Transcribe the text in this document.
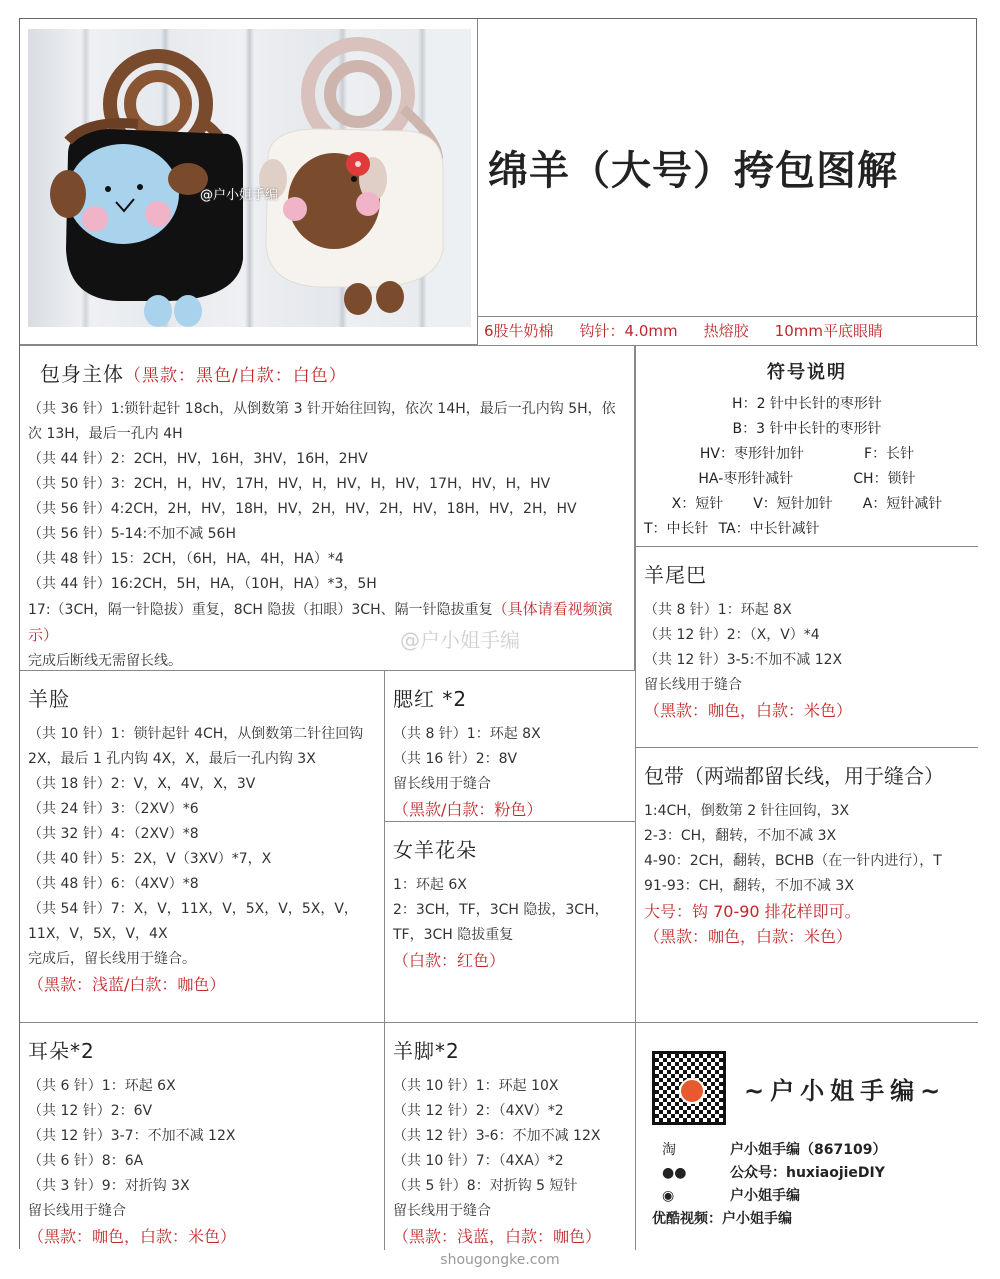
@户小姐手编
绵羊（大号）挎包图解
6股牛奶棉 钩针：4.0mm 热熔胶 10mm平底眼睛
包身主体（黑款：黑色/白款：白色）
（共 36 针）1:锁针起针 18ch，从倒数第 3 针开始往回钩，依次 14H，最后一孔内钩 5H，依次 13H，最后一孔内 4H
（共 44 针）2：2CH，HV，16H，3HV，16H，2HV
（共 50 针）3：2CH，H，HV，17H，HV，H，HV，H，HV，17H，HV，H，HV
（共 56 针）4:2CH，2H，HV，18H，HV，2H，HV，2H，HV，18H，HV，2H，HV
（共 56 针）5-14:不加不减 56H
（共 48 针）15：2CH，（6H，HA，4H，HA）*4
（共 44 针）16:2CH，5H，HA，（10H，HA）*3，5H
17:（3CH，隔一针隐拔）重复，8CH 隐拔（扣眼）3CH、隔一针隐拔重复（具体请看视频演示）
完成后断线无需留长线。
符号说明
H：2 针中长针的枣形针
B：3 针中长针的枣形针
HV：枣形针加针	F：长针
HA-枣形针减针	CH：锁针
X：短针 V：短针加针 A：短针减针
T：中长针 TA：中长针减针
羊尾巴
（共 8 针）1：环起 8X
（共 12 针）2：（X，V）*4
（共 12 针）3-5:不加不减 12X
留长线用于缝合
（黑款：咖色，白款：米色）
羊脸
（共 10 针）1：锁针起针 4CH，从倒数第二针往回钩 2X，最后 1 孔内钩 4X，X，最后一孔内钩 3X
（共 18 针）2：V，X，4V，X，3V
（共 24 针）3：（2XV）*6
（共 32 针）4：（2XV）*8
（共 40 针）5：2X，V（3XV）*7，X
（共 48 针）6：（4XV）*8
（共 54 针）7：X，V，11X，V，5X，V，5X，V，11X，V，5X，V，4X
完成后，留长线用于缝合。
（黑款：浅蓝/白款：咖色）
腮红 *2
（共 8 针）1：环起 8X
（共 16 针）2：8V
留长线用于缝合
（黑款/白款：粉色）
女羊花朵
1：环起 6X
2：3CH，TF，3CH 隐拔，3CH，TF，3CH 隐拔重复
（白款：红色）
包带（两端都留长线，用于缝合）
1:4CH，倒数第 2 针往回钩，3X
2-3：CH，翻转，不加不减 3X
4-90：2CH，翻转，BCHB（在一针内进行），T
91-93：CH，翻转，不加不减 3X
大号：钩 70-90 排花样即可。
（黑款：咖色，白款：米色）
耳朵*2
（共 6 针）1：环起 6X
（共 12 针）2：6V
（共 12 针）3-7：不加不减 12X
（共 6 针）8：6A
（共 3 针）9：对折钩 3X
留长线用于缝合
（黑款：咖色，白款：米色）
羊脚*2
（共 10 针）1：环起 10X
（共 12 针）2：（4XV）*2
（共 12 针）3-6：不加不减 12X
（共 10 针）7：（4XA）*2
（共 5 针）8：对折钩 5 短针
留长线用于缝合
（黑款：浅蓝，白款：咖色）
~户小姐手编~
淘	户小姐手编（867109）
●●	公众号：huxiaojieDIY
◉	户小姐手编
优酷视频： 户小姐手编
@户小姐手编
shougongke.com
